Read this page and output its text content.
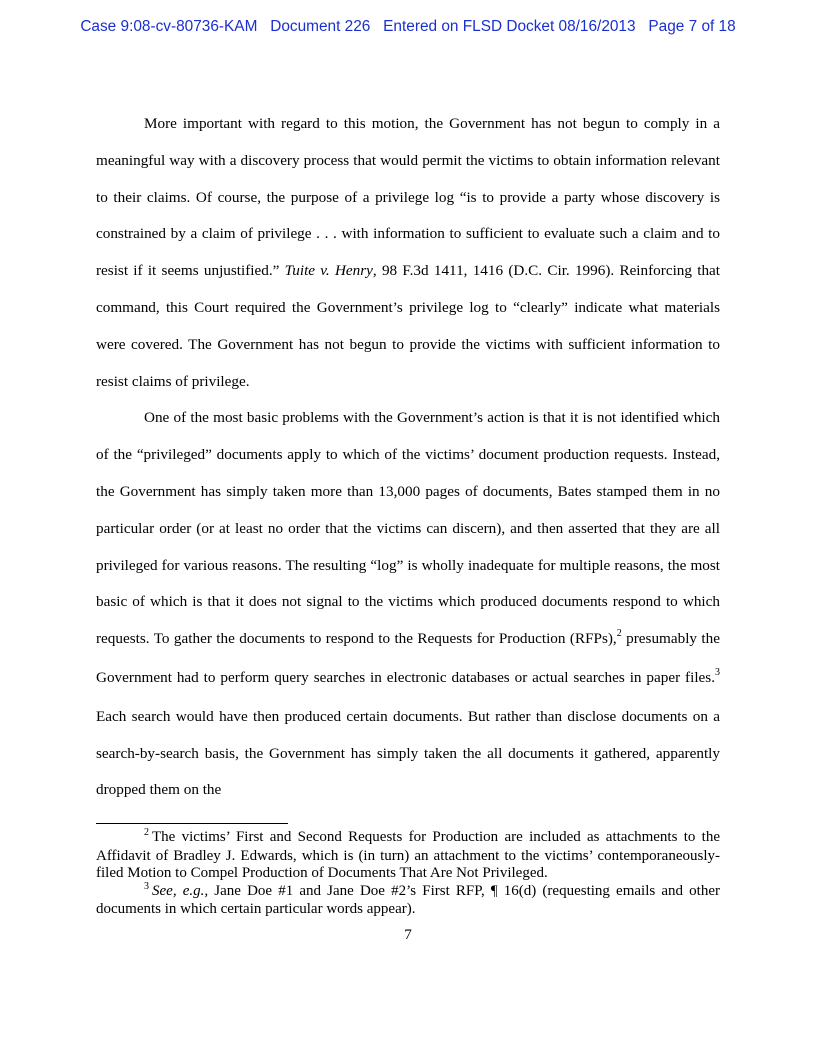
Case 9:08-cv-80736-KAM Document 226 Entered on FLSD Docket 08/16/2013 Page 7 of 18

More important with regard to this motion, the Government has not begun to comply in a meaningful way with a discovery process that would permit the victims to obtain information relevant to their claims. Of course, the purpose of a privilege log “is to provide a party whose discovery is constrained by a claim of privilege . . . with information to sufficient to evaluate such a claim and to resist if it seems unjustified.” Tuite v. Henry, 98 F.3d 1411, 1416 (D.C. Cir. 1996). Reinforcing that command, this Court required the Government’s privilege log to “clearly” indicate what materials were covered. The Government has not begun to provide the victims with sufficient information to resist claims of privilege.

One of the most basic problems with the Government’s action is that it is not identified which of the “privileged” documents apply to which of the victims’ document production requests. Instead, the Government has simply taken more than 13,000 pages of documents, Bates stamped them in no particular order (or at least no order that the victims can discern), and then asserted that they are all privileged for various reasons. The resulting “log” is wholly inadequate for multiple reasons, the most basic of which is that it does not signal to the victims which produced documents respond to which requests. To gather the documents to respond to the Requests for Production (RFPs),$^2$ presumably the Government had to perform query searches in electronic databases or actual searches in paper files.$^3$ Each search would have then produced certain documents. But rather than disclose documents on a search-by-search basis, the Government has simply taken the all documents it gathered, apparently dropped them on the

$^2$ The victims’ First and Second Requests for Production are included as attachments to the Affidavit of Bradley J. Edwards, which is (in turn) an attachment to the victims’ contemporaneously-filed Motion to Compel Production of Documents That Are Not Privileged.

$^3$ See, e.g., Jane Doe #1 and Jane Doe #2’s First RFP, ¶ 16(d) (requesting emails and other documents in which certain particular words appear).

7
